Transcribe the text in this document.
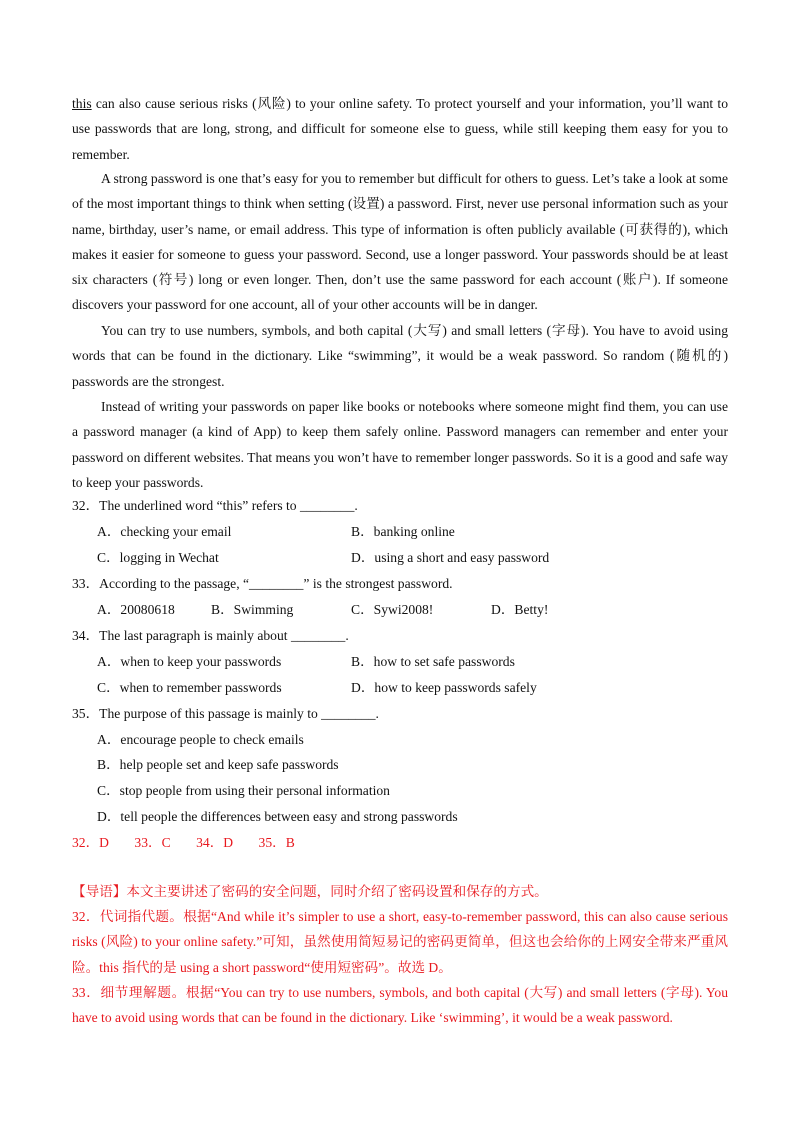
this can also cause serious risks (风险) to your online safety. To protect yourself and your information, you’ll want to use passwords that are long, strong, and difficult for someone else to guess, while still keeping them easy for you to remember.

A strong password is one that’s easy for you to remember but difficult for others to guess. Let’s take a look at some of the most important things to think when setting (设置) a password. First, never use personal information such as your name, birthday, user’s name, or email address. This type of information is often publicly available (可获得的), which makes it easier for someone to guess your password. Second, use a longer password. Your passwords should be at least six characters (符号) long or even longer. Then, don’t use the same password for each account (账户). If someone discovers your password for one account, all of your other accounts will be in danger.

You can try to use numbers, symbols, and both capital (大写) and small letters (字母). You have to avoid using words that can be found in the dictionary. Like “swimming”, it would be a weak password. So random (随机的) passwords are the strongest.

Instead of writing your passwords on paper like books or notebooks where someone might find them, you can use a password manager (a kind of App) to keep them safely online. Password managers can remember and enter your password on different websites. That means you won’t have to remember longer passwords. So it is a good and safe way to keep your passwords.

32．The underlined word “this” refers to ________.
A．checking your email	B．banking online
C．logging in Wechat	D．using a short and easy password
33．According to the passage, “________” is the strongest password.
A．20080618	B．Swimming	C．Sywi2008!	D．Betty!
34．The last paragraph is mainly about ________.
A．when to keep your passwords	B．how to set safe passwords
C．when to remember passwords	D．how to keep passwords safely
35．The purpose of this passage is mainly to ________.
A．encourage people to check emails
B．help people set and keep safe passwords
C．stop people from using their personal information
D．tell people the differences between easy and strong passwords
32．D 33．C 34．D 35．B

【导语】本文主要讲述了密码的安全问题，同时介绍了密码设置和保存的方式。

32．代词指代题。根据“And while it’s simpler to use a short, easy-to-remember password, this can also cause serious risks (风险) to your online safety.”可知，虽然使用简短易记的密码更简单，但这也会给你的上网安全带来严重风险。this 指代的是 using a short password“使用短密码”。故选 D。

33．细节理解题。根据“You can try to use numbers, symbols, and both capital (大写) and small letters (字母). You have to avoid using words that can be found in the dictionary. Like ‘swimming’, it would be a weak password.
